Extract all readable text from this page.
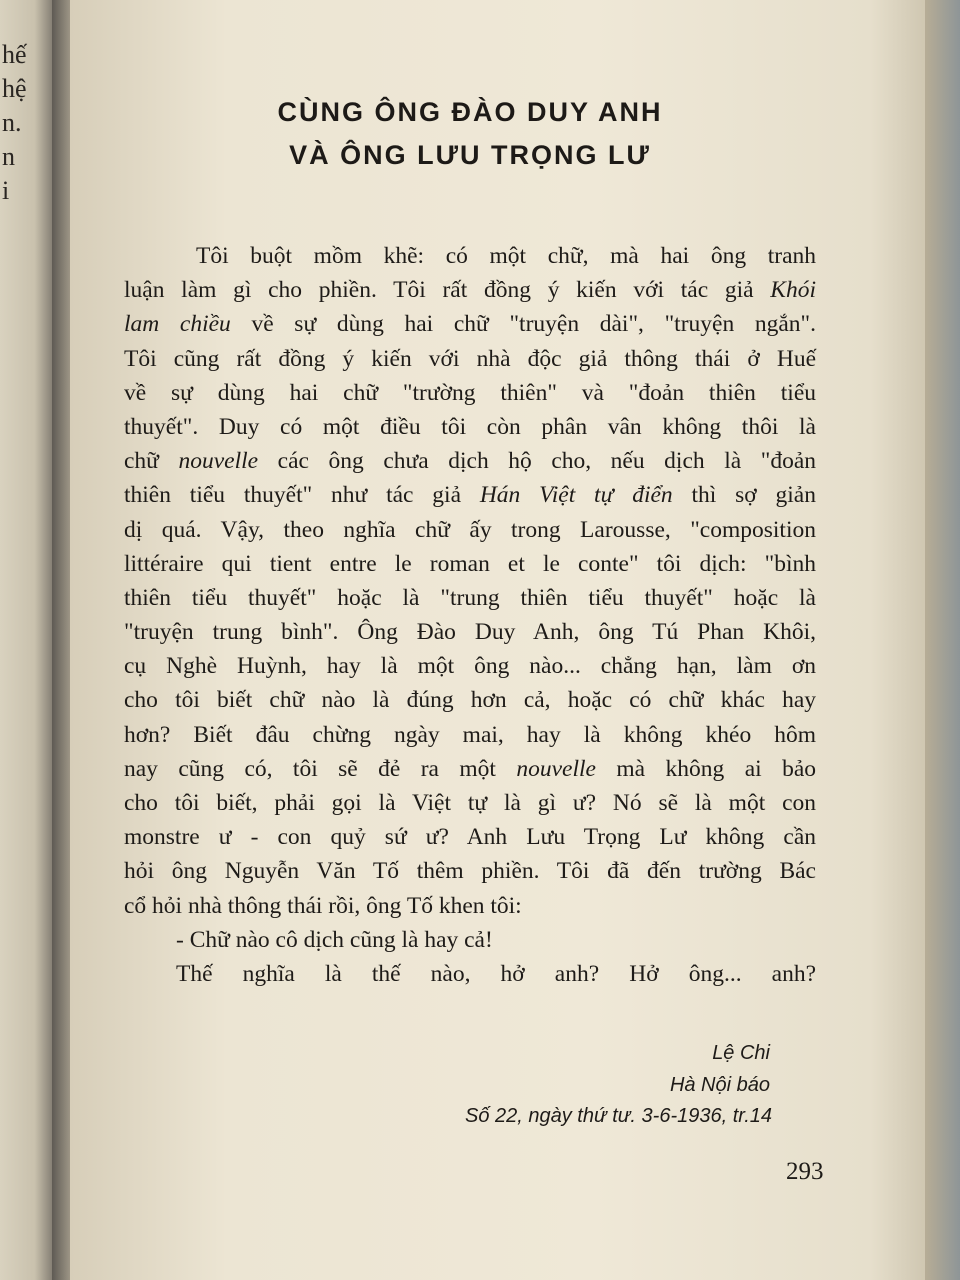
hế
hệ
n.
n
i
CÙNG ÔNG ĐÀO DUY ANH
VÀ ÔNG LƯU TRỌNG LƯ
Tôi buột mồm khẽ: có một chữ, mà hai ông tranh
luận làm gì cho phiền. Tôi rất đồng ý kiến với tác giả Khói
lam chiều về sự dùng hai chữ "truyện dài", "truyện ngắn".
Tôi cũng rất đồng ý kiến với nhà độc giả thông thái ở Huế
về sự dùng hai chữ "trường thiên" và "đoản thiên tiểu
thuyết". Duy có một điều tôi còn phân vân không thôi là
chữ nouvelle các ông chưa dịch hộ cho, nếu dịch là "đoản
thiên tiểu thuyết" như tác giả Hán Việt tự điển thì sợ giản
dị quá. Vậy, theo nghĩa chữ ấy trong Larousse, "composition
littéraire qui tient entre le roman et le conte" tôi dịch: "bình
thiên tiểu thuyết" hoặc là "trung thiên tiểu thuyết" hoặc là
"truyện trung bình". Ông Đào Duy Anh, ông Tú Phan Khôi,
cụ Nghè Huỳnh, hay là một ông nào... chẳng hạn, làm ơn
cho tôi biết chữ nào là đúng hơn cả, hoặc có chữ khác hay
hơn? Biết đâu chừng ngày mai, hay là không khéo hôm
nay cũng có, tôi sẽ đẻ ra một nouvelle mà không ai bảo
cho tôi biết, phải gọi là Việt tự là gì ư? Nó sẽ là một con
monstre ư - con quỷ sứ ư? Anh Lưu Trọng Lư không cần
hỏi ông Nguyễn Văn Tố thêm phiền. Tôi đã đến trường Bác
cổ hỏi nhà thông thái rồi, ông Tố khen tôi:
- Chữ nào cô dịch cũng là hay cả!
Thế nghĩa là thế nào, hở anh? Hở ông... anh?
Lệ Chi
Hà Nội báo
Số 22, ngày thứ tư. 3-6-1936, tr.14
293
